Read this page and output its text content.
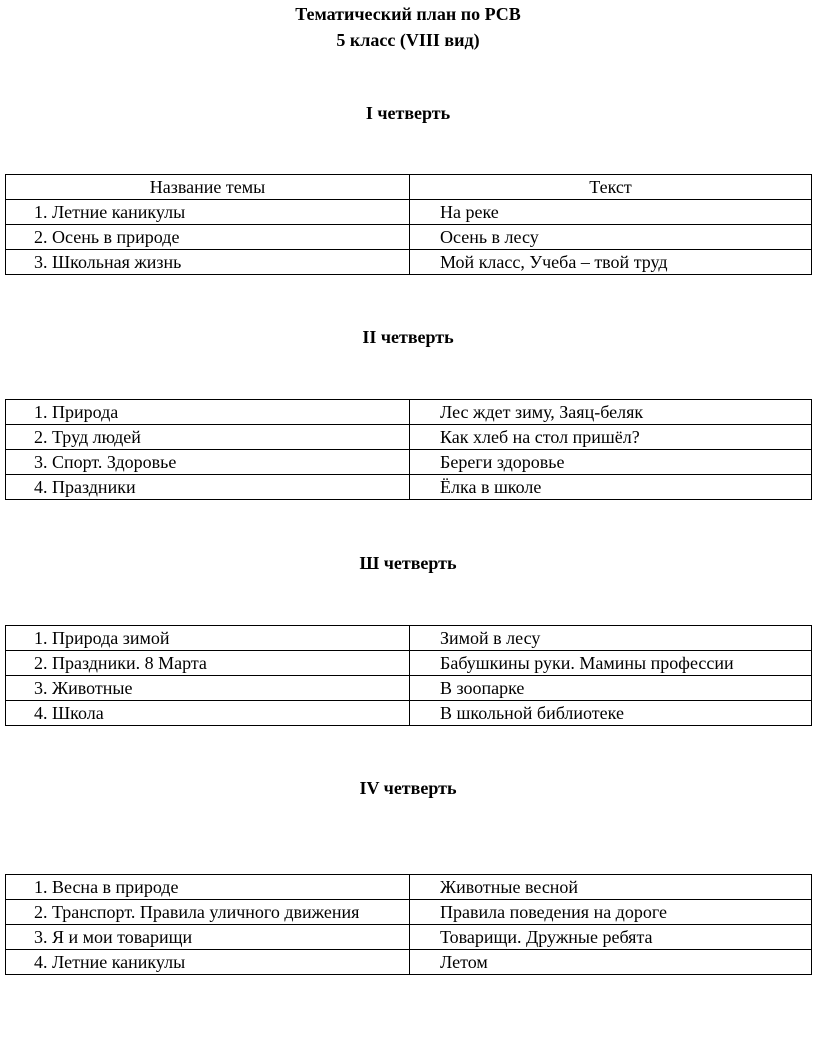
Тематический план по РСВ
5 класс (VIII вид)
I четверть
Название темы	Текст
1. Летние каникулы	На реке
2. Осень в природе	Осень в лесу
3. Школьная жизнь	Мой класс, Учеба – твой труд
II четверть
1. Природа	Лес ждет зиму, Заяц-беляк
2. Труд людей	Как хлеб на стол пришёл?
3. Спорт. Здоровье	Береги здоровье
4. Праздники	Ёлка в школе
Ш четверть
1. Природа зимой	Зимой в лесу
2. Праздники. 8 Марта	Бабушкины руки. Мамины профессии
3. Животные	В зоопарке
4. Школа	В школьной библиотеке
IV четверть
1. Весна в природе	Животные весной
2. Транспорт. Правила уличного движения	Правила поведения на дороге
3. Я и мои товарищи	Товарищи. Дружные ребята
4. Летние каникулы	Летом
